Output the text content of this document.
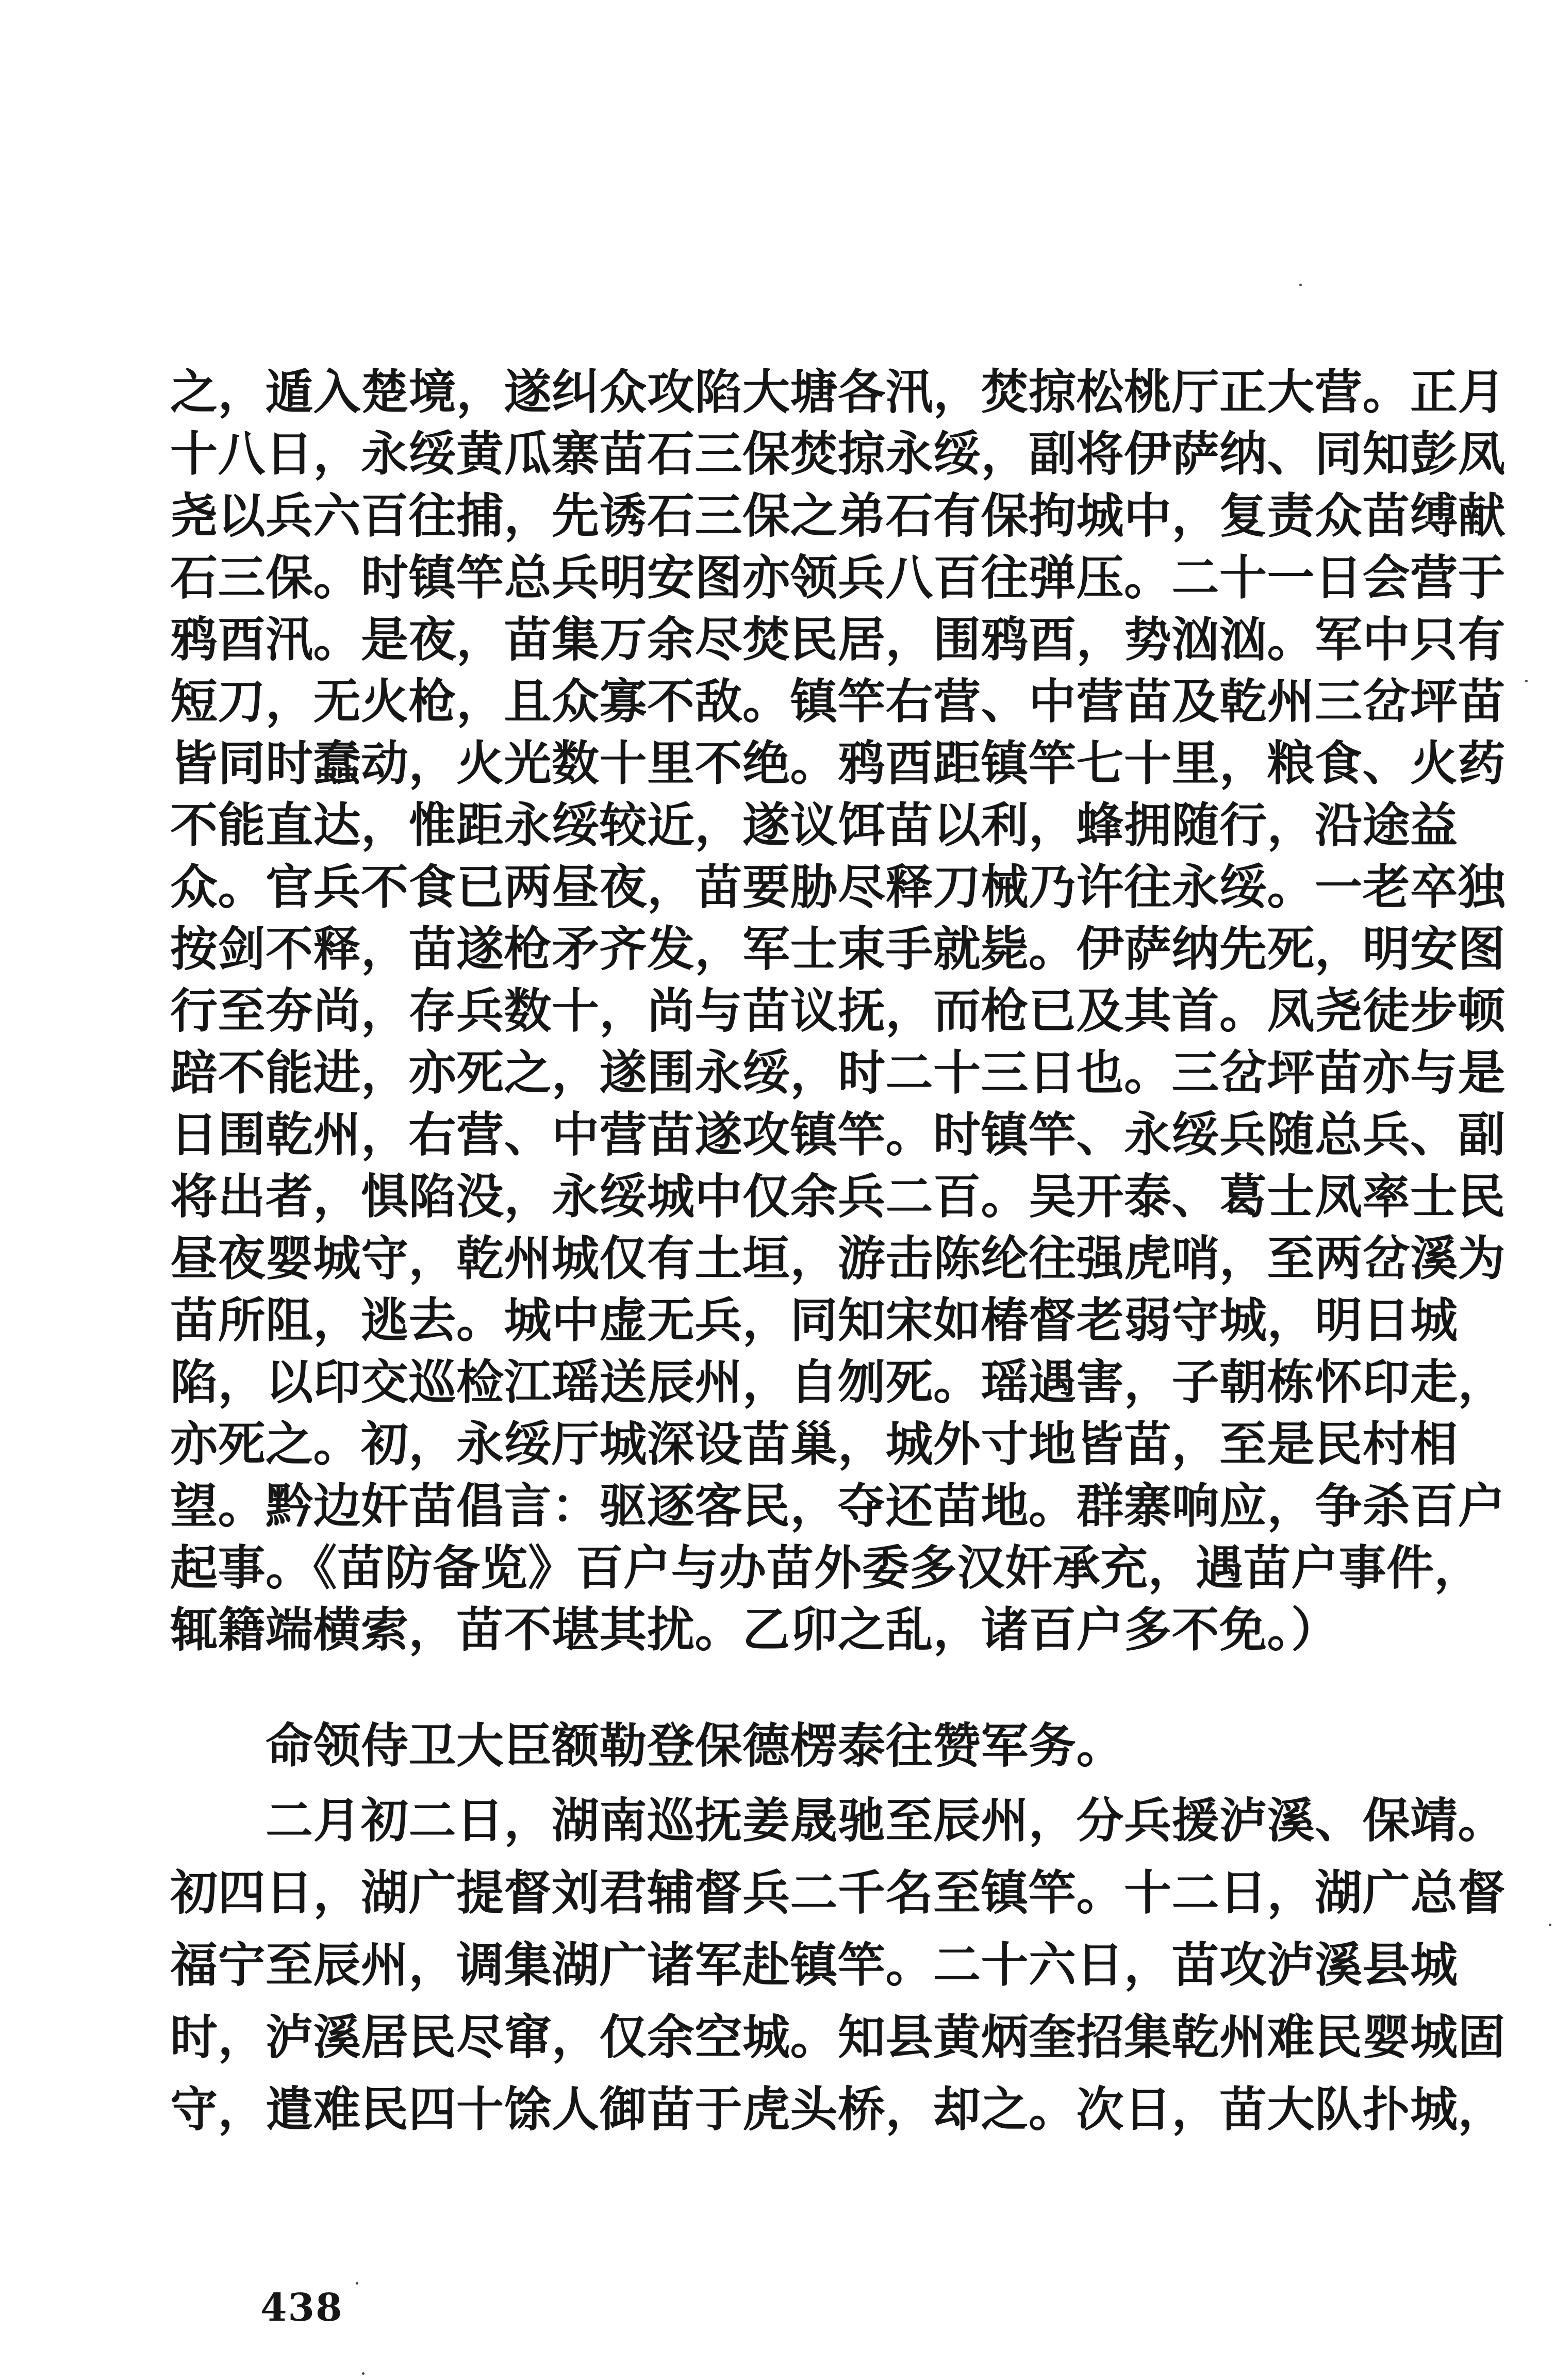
之，遁入楚境，遂纠众攻陷大塘各汛，焚掠松桃厅正大营。正月
十八日，永绥黄瓜寨苗石三保焚掠永绥，副将伊萨纳、同知彭凤
尧以兵六百往捕，先诱石三保之弟石有保拘城中，复责众苗缚献
石三保。时镇竿总兵明安图亦领兵八百往弹压。二十一日会营于
鸦酉汛。是夜，苗集万余尽焚民居，围鸦酉，势汹汹。军中只有
短刀，无火枪，且众寡不敌。镇竿右营、中营苗及乾州三岔坪苗
皆同时蠢动，火光数十里不绝。鸦酉距镇竿七十里，粮食、火药
不能直达，惟距永绥较近，遂议饵苗以利，蜂拥随行，沿途益
众。官兵不食已两昼夜，苗要胁尽释刀械乃许往永绥。一老卒独
按剑不释，苗遂枪矛齐发，军士束手就毙。伊萨纳先死，明安图
行至夯尚，存兵数十，尚与苗议抚，而枪已及其首。凤尧徒步顿
踣不能进，亦死之，遂围永绥，时二十三日也。三岔坪苗亦与是
日围乾州，右营、中营苗遂攻镇竿。时镇竿、永绥兵随总兵、副
将出者，惧陷没，永绥城中仅余兵二百。吴开泰、葛士凤率士民
昼夜婴城守，乾州城仅有土垣，游击陈纶往强虎哨，至两岔溪为
苗所阻，逃去。城中虚无兵，同知宋如椿督老弱守城，明日城
陷，以印交巡检江瑶送辰州，自刎死。瑶遇害，子朝栋怀印走，
亦死之。初，永绥厅城深设苗巢，城外寸地皆苗，至是民村相
望。黔边奸苗倡言：驱逐客民，夺还苗地。群寨响应，争杀百户
起事。《苗防备览》百户与办苗外委多汉奸承充，遇苗户事件，
辄籍端横索，苗不堪其扰。乙卯之乱，诸百户多不免。）
　　命领侍卫大臣额勒登保德楞泰往赞军务。
　　二月初二日，湖南巡抚姜晟驰至辰州，分兵援泸溪、保靖。
初四日，湖广提督刘君辅督兵二千名至镇竿。十二日，湖广总督
福宁至辰州，调集湖广诸军赴镇竿。二十六日，苗攻泸溪县城
时，泸溪居民尽窜，仅余空城。知县黄炳奎招集乾州难民婴城固
守，遣难民四十馀人御苗于虎头桥，却之。次日，苗大队扑城，
438
